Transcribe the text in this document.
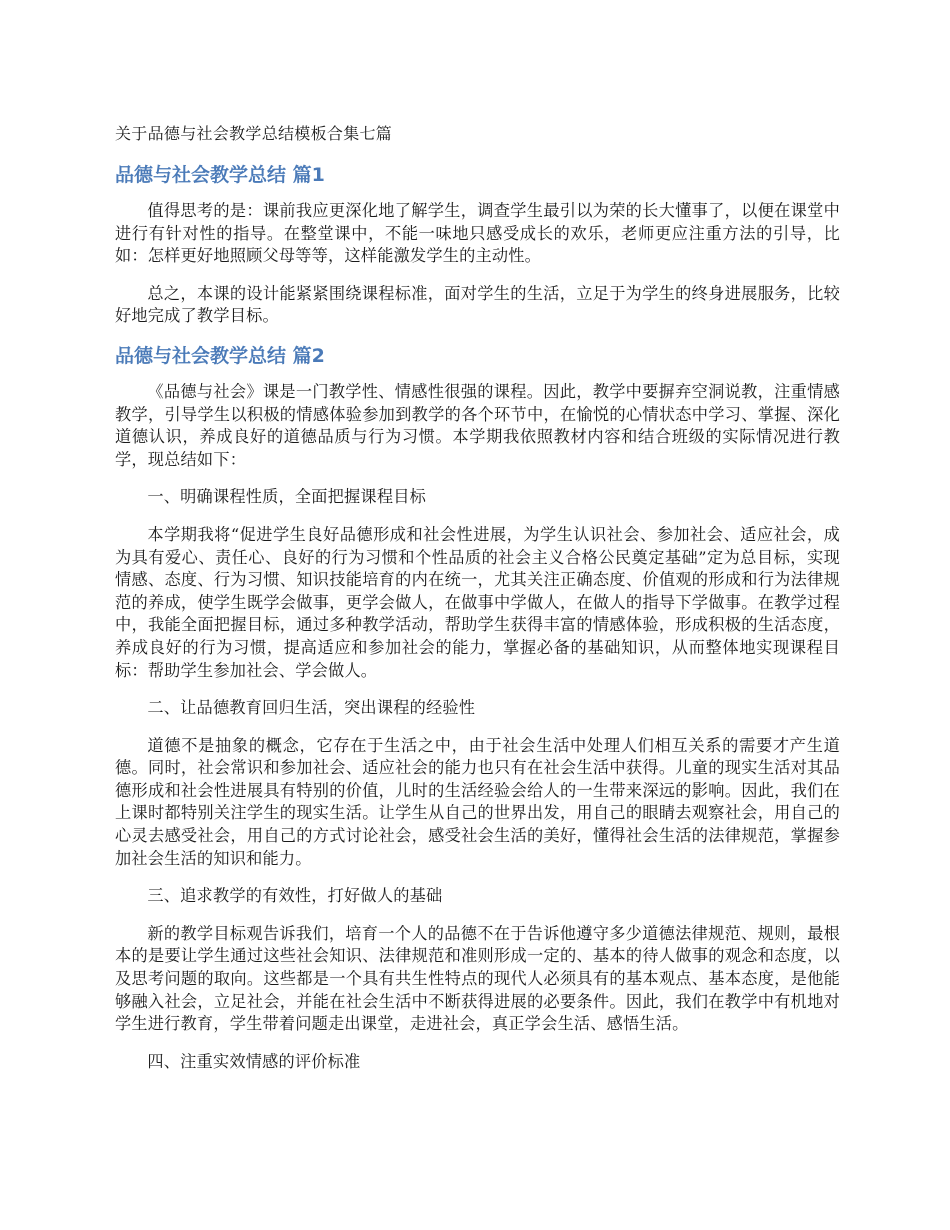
关于品德与社会教学总结模板合集七篇
品德与社会教学总结 篇1

值得思考的是：课前我应更深化地了解学生，调查学生最引以为荣的长大懂事了，以便在课堂中进行有针对性的指导。在整堂课中，不能一味地只感受成长的欢乐，老师更应注重方法的引导，比如：怎样更好地照顾父母等等，这样能激发学生的主动性。

总之，本课的设计能紧紧围绕课程标准，面对学生的生活，立足于为学生的终身进展服务，比较好地完成了教学目标。

品德与社会教学总结 篇2

《品德与社会》课是一门教学性、情感性很强的课程。因此，教学中要摒弃空洞说教，注重情感教学，引导学生以积极的情感体验参加到教学的各个环节中，在愉悦的心情状态中学习、掌握、深化道德认识，养成良好的道德品质与行为习惯。本学期我依照教材内容和结合班级的实际情况进行教学，现总结如下：

一、明确课程性质，全面把握课程目标

本学期我将“促进学生良好品德形成和社会性进展，为学生认识社会、参加社会、适应社会，成为具有爱心、责任心、良好的行为习惯和个性品质的社会主义合格公民奠定基础”定为总目标，实现情感、态度、行为习惯、知识技能培育的内在统一，尤其关注正确态度、价值观的形成和行为法律规范的养成，使学生既学会做事，更学会做人，在做事中学做人，在做人的指导下学做事。在教学过程中，我能全面把握目标，通过多种教学活动，帮助学生获得丰富的情感体验，形成积极的生活态度，养成良好的行为习惯，提高适应和参加社会的能力，掌握必备的基础知识，从而整体地实现课程目标：帮助学生参加社会、学会做人。

二、让品德教育回归生活，突出课程的经验性

道德不是抽象的概念，它存在于生活之中，由于社会生活中处理人们相互关系的需要才产生道德。同时，社会常识和参加社会、适应社会的能力也只有在社会生活中获得。儿童的现实生活对其品德形成和社会性进展具有特别的价值，儿时的生活经验会给人的一生带来深远的影响。因此，我们在上课时都特别关注学生的现实生活。让学生从自己的世界出发，用自己的眼睛去观察社会，用自己的心灵去感受社会，用自己的方式讨论社会，感受社会生活的美好，懂得社会生活的法律规范，掌握参加社会生活的知识和能力。

三、追求教学的有效性，打好做人的基础

新的教学目标观告诉我们，培育一个人的品德不在于告诉他遵守多少道德法律规范、规则，最根本的是要让学生通过这些社会知识、法律规范和准则形成一定的、基本的待人做事的观念和态度，以及思考问题的取向。这些都是一个具有共生性特点的现代人必须具有的基本观点、基本态度，是他能够融入社会，立足社会，并能在社会生活中不断获得进展的必要条件。因此，我们在教学中有机地对学生进行教育，学生带着问题走出课堂，走进社会，真正学会生活、感悟生活。

四、注重实效情感的评价标准
